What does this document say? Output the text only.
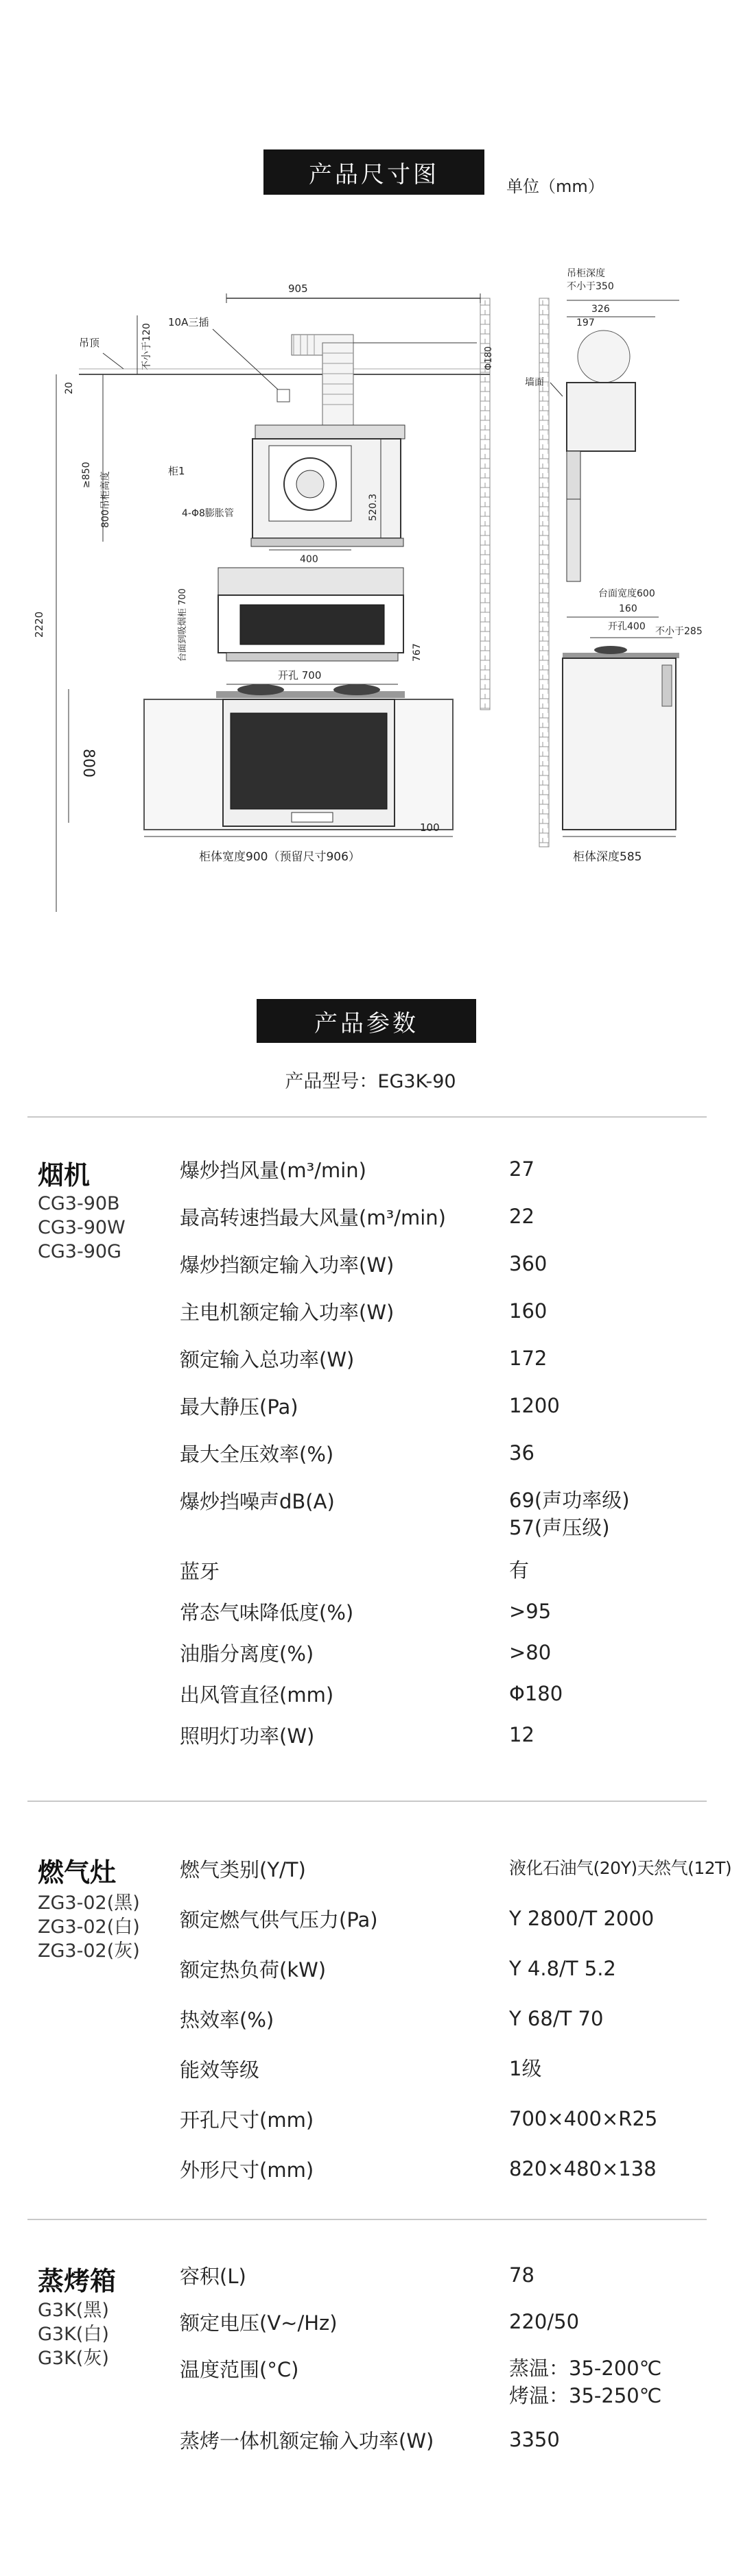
产品尺寸图	单位（mm）
905
不小于120
吊顶
20
≥850 800吊柜高度
2220
800
柜1
10A三插
Φ180
4-Φ8膨胀管	520.3
400
台面到吸烟柜 700	767
开孔 700
100
柜体宽度900（预留尺寸906）
吊柜深度
不小于350
326
197
墙面
160
台面宽度600
开孔400 不小于285
柜体深度585
产品参数
产品型号：EG3K-90
烟机
CG3-90B
CG3-90W
CG3-90G
爆炒挡风量(m³/min)	27
最高转速挡最大风量(m³/min)	22
爆炒挡额定输入功率(W)	360
主电机额定输入功率(W)	160
额定输入总功率(W)	172
最大静压(Pa)	1200
最大全压效率(%)	36
爆炒挡噪声dB(A)	69(声功率级)
57(声压级)
蓝牙	有
常态气味降低度(%)	>95
油脂分离度(%)	>80
出风管直径(mm)	Φ180
照明灯功率(W)	12
燃气灶
ZG3-02(黑)
ZG3-02(白)
ZG3-02(灰)
燃气类别(Y/T)	液化石油气(20Y)天然气(12T)
额定燃气供气压力(Pa)	Y 2800/T 2000
额定热负荷(kW)	Y 4.8/T 5.2
热效率(%)	Y 68/T 70
能效等级	1级
开孔尺寸(mm)	700×400×R25
外形尺寸(mm)	820×480×138
蒸烤箱
G3K(黑)
G3K(白)
G3K(灰)
容积(L)	78
额定电压(V~/Hz)	220/50
温度范围(°C)	蒸温：35-200℃
烤温：35-250℃
蒸烤一体机额定输入功率(W)	3350
